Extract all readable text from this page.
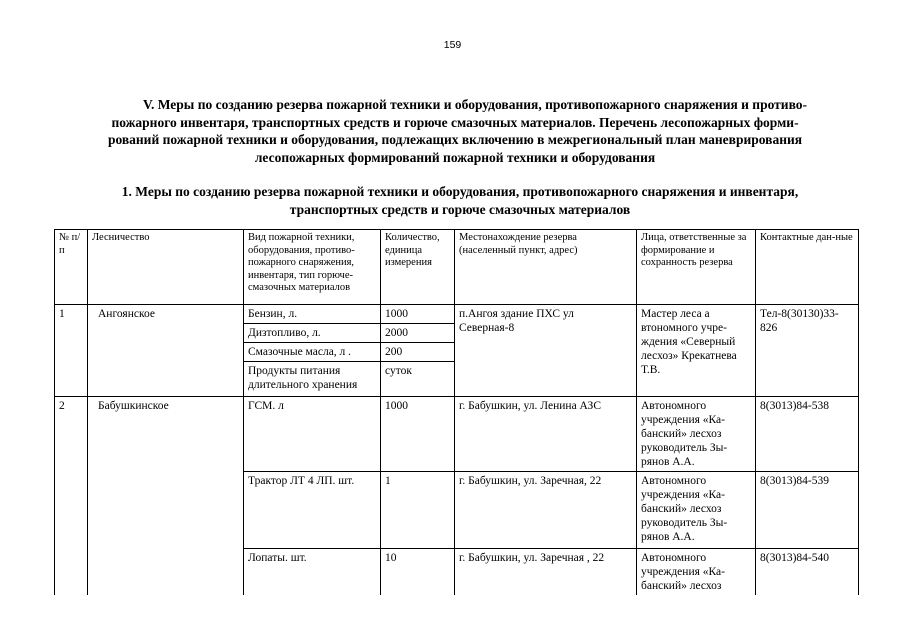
159
V. Меры по созданию резерва пожарной техники и оборудования, противопожарного снаряжения и противо-
пожарного инвентаря, транспортных средств и горюче смазочных материалов. Перечень лесопожарных форми-
рований пожарной техники и оборудования, подлежащих включению в межрегиональный план маневрирования
лесопожарных формирований пожарной техники и оборудования
1. Меры по созданию резерва пожарной техники и оборудования, противопожарного снаряжения и инвентаря,
транспортных средств и горюче смазочных материалов
№ п/п	Лесничество	Вид пожарной техники, оборудования, противо-пожарного снаряжения, инвентаря, тип горюче-смазочных материалов	Количество, единица измерения	Местонахождение резерва (населенный пункт, адрес)	Лица, ответственные за формирование и сохранность резерва	Контактные дан-ные
1	Ангоянское	Бензин, л.	1000	п.Ангоя здание ПХС ул Северная-8	Мастер леса а втономного учре-ждения «Северный лесхоз» Крекатнева Т.В.	Тел-8(30130)33-826
		Дизтопливо, л.	2000			
		Смазочные масла, л .	200			
		Продукты питания длительного хранения	суток			
2	Бабушкинское	ГСМ. л	1000	г. Бабушкин, ул. Ленина АЗС	Автономного учреждения «Ка-банский» лесхоз руководитель Зы-рянов А.А.	8(3013)84-538
		Трактор ЛТ 4 ЛП. шт.	1	г. Бабушкин, ул. Заречная, 22	Автономного учреждения «Ка-банский» лесхоз руководитель Зы-рянов А.А.	8(3013)84-539
		Лопаты. шт.	10	г. Бабушкин, ул. Заречная , 22	Автономного учреждения «Ка-банский» лесхоз	8(3013)84-540
